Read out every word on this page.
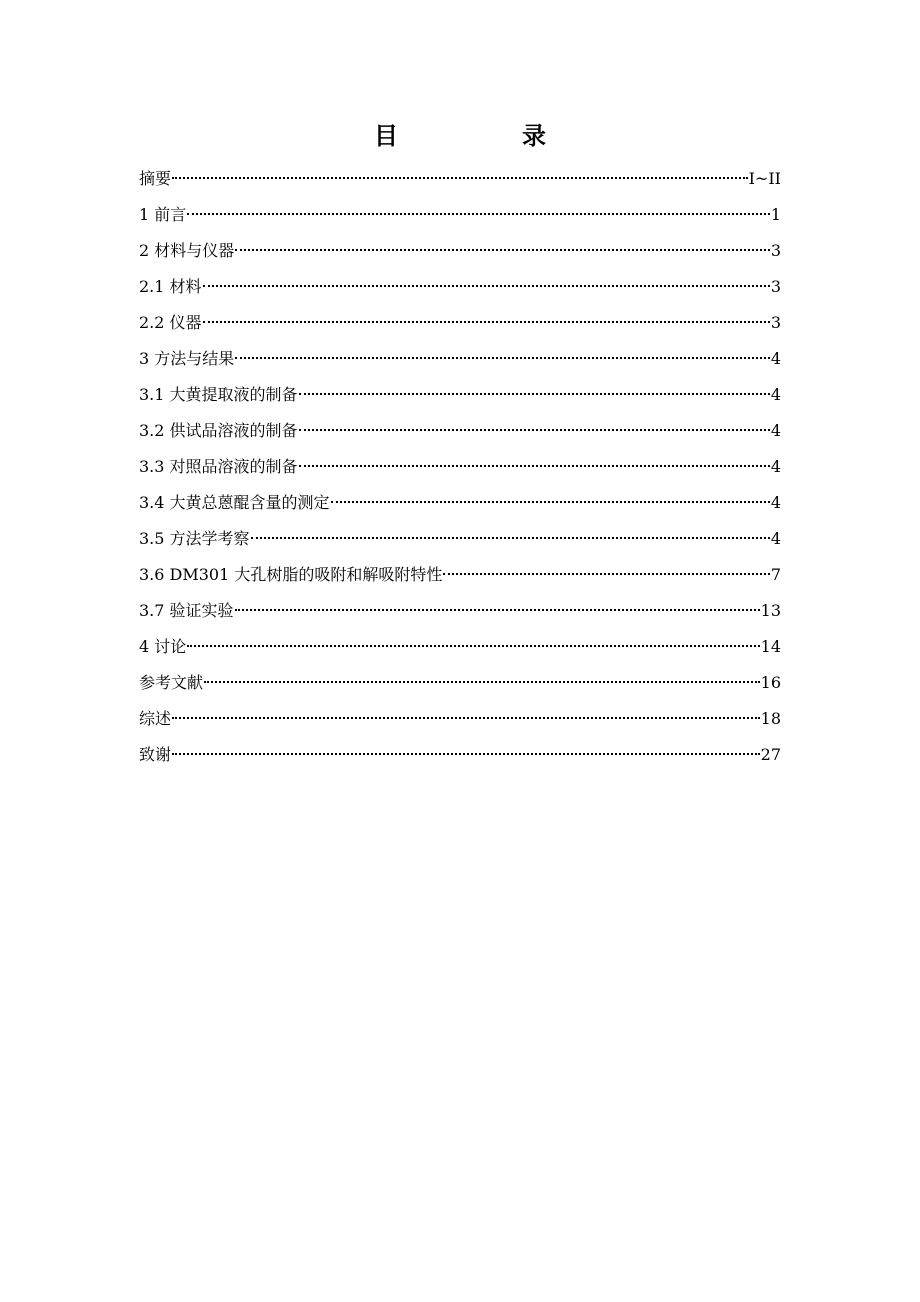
目　录
摘要	I~II
1 前言	1
2 材料与仪器	3
2.1 材料	3
2.2 仪器	3
3 方法与结果	4
3.1 大黄提取液的制备	4
3.2 供试品溶液的制备	4
3.3 对照品溶液的制备	4
3.4 大黄总蒽醌含量的测定	4
3.5 方法学考察	4
3.6 DM301 大孔树脂的吸附和解吸附特性	7
3.7 验证实验	13
4 讨论	14
参考文献	16
综述	18
致谢	27
